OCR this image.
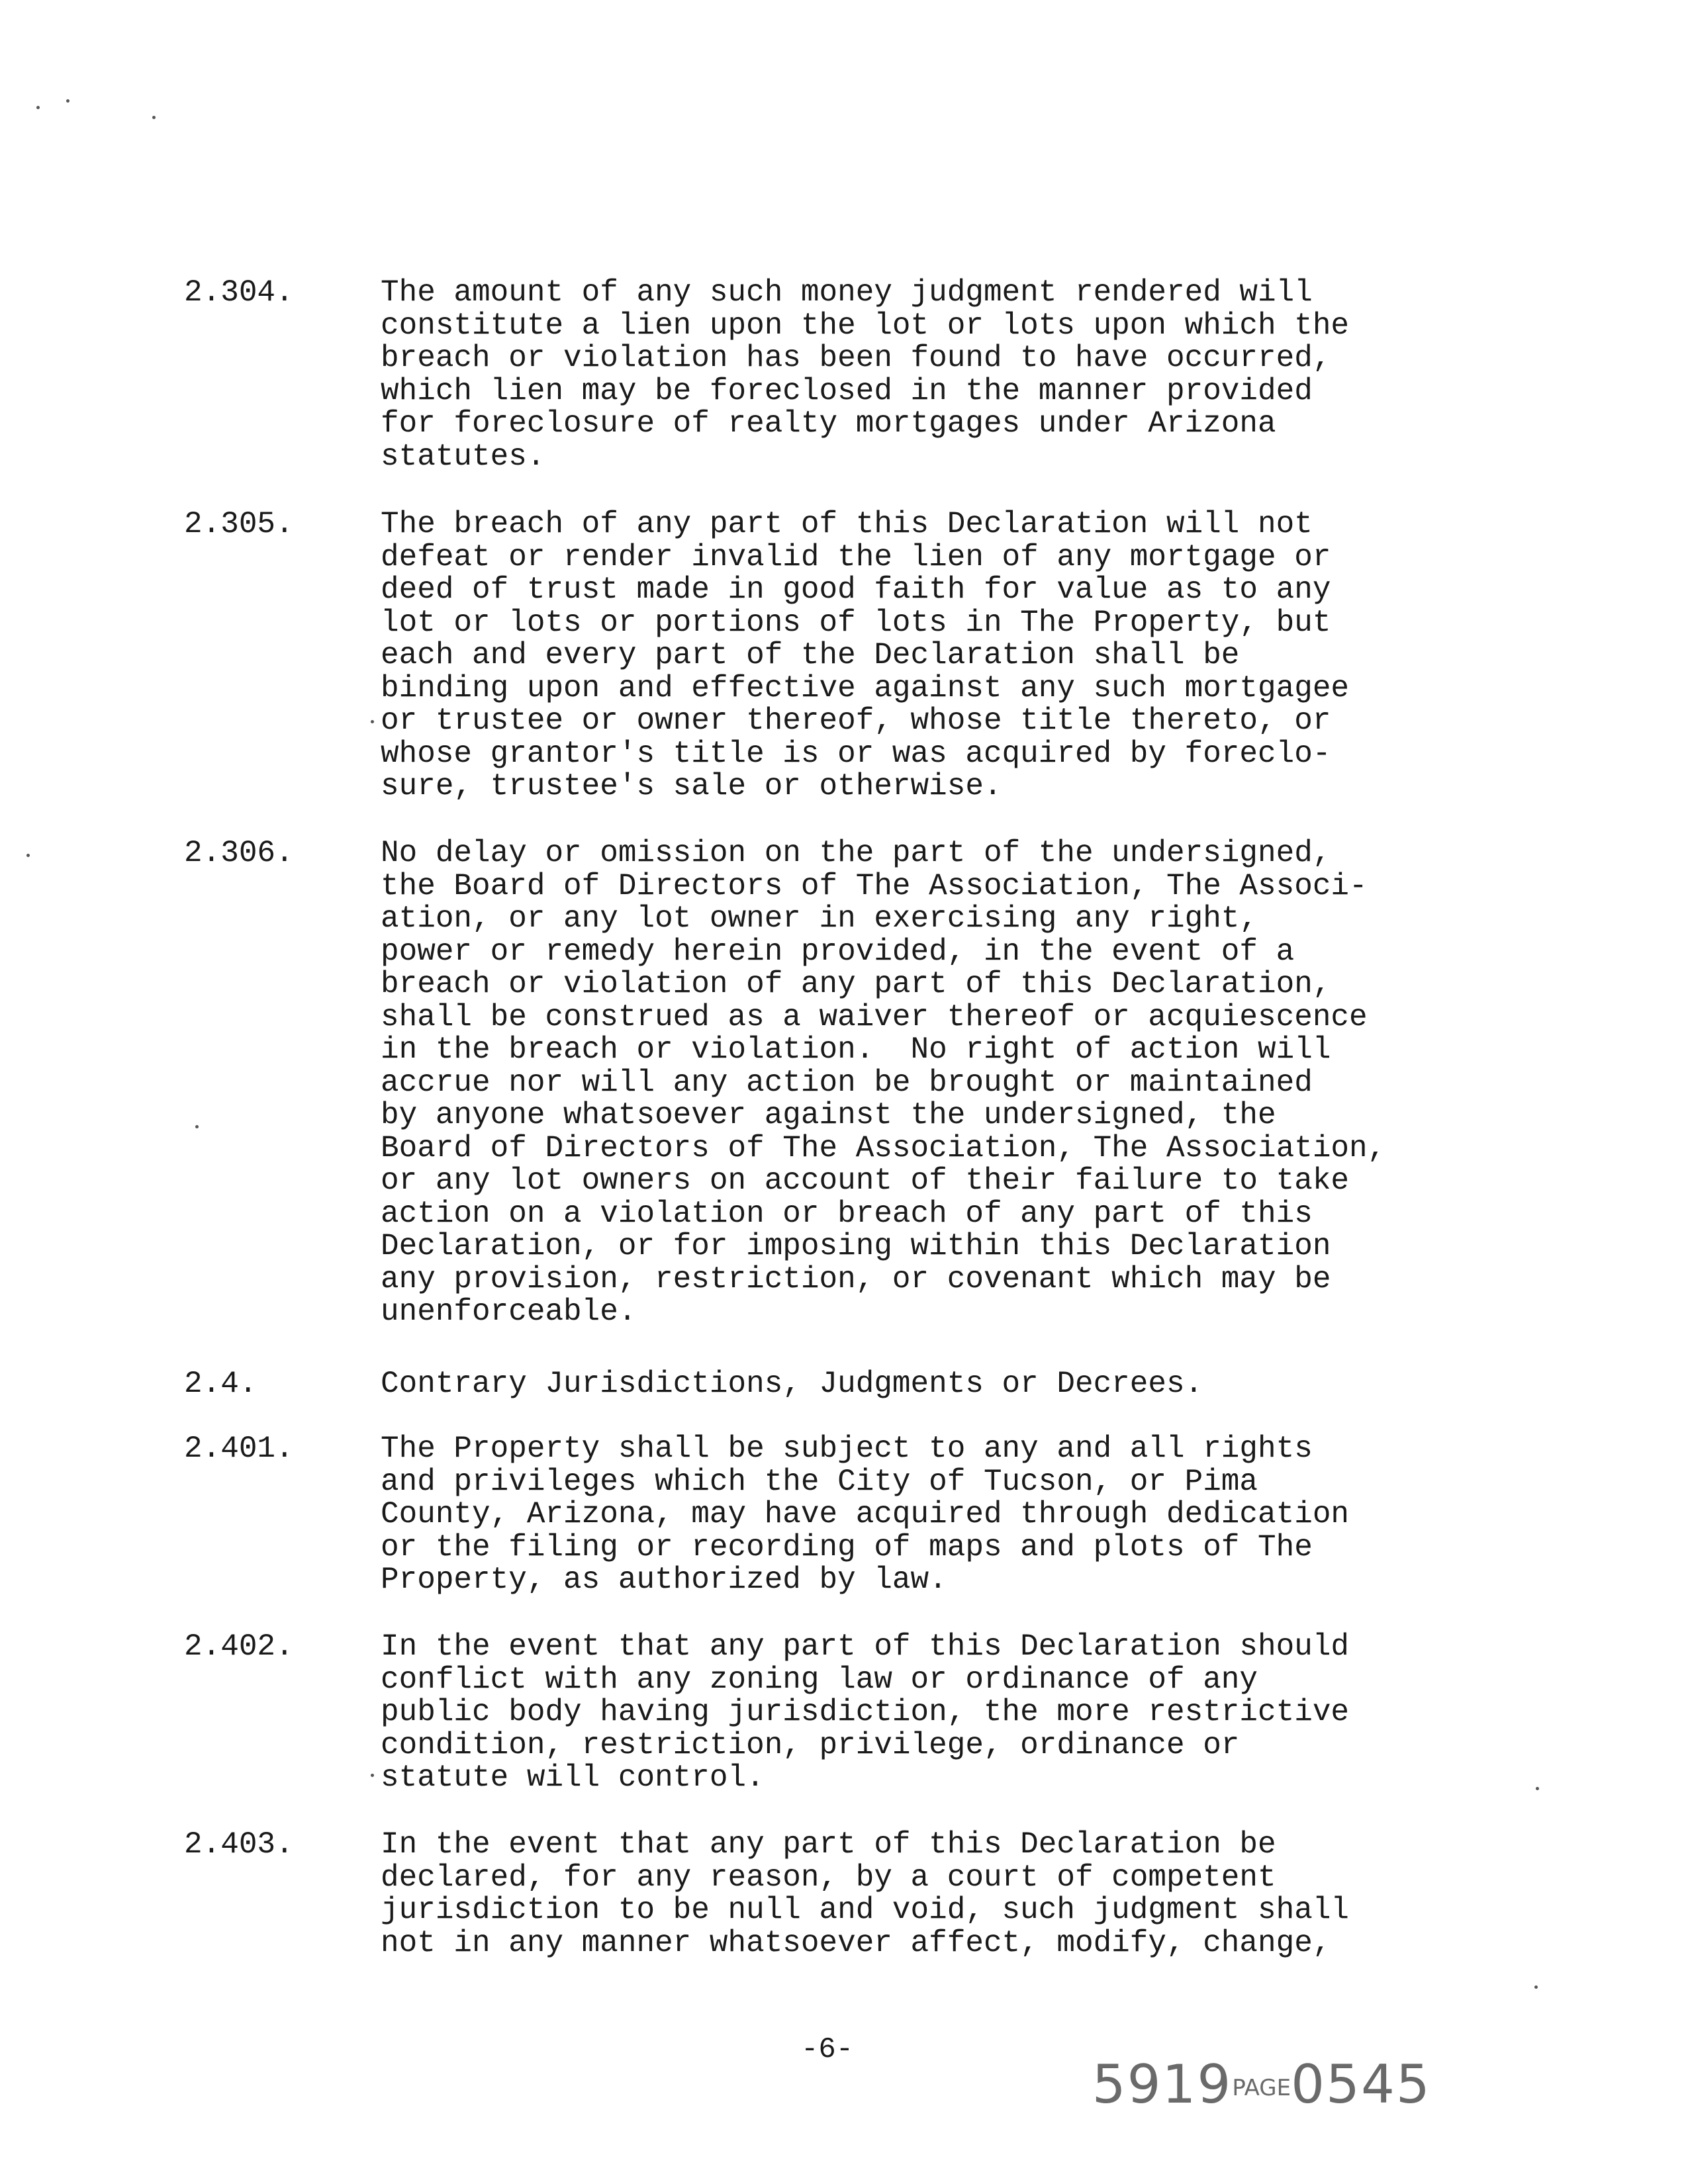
2.304.	The amount of any such money judgment rendered will
constitute a lien upon the lot or lots upon which the
breach or violation has been found to have occurred,
which lien may be foreclosed in the manner provided
for foreclosure of realty mortgages under Arizona
statutes.
2.305.	The breach of any part of this Declaration will not
defeat or render invalid the lien of any mortgage or
deed of trust made in good faith for value as to any
lot or lots or portions of lots in The Property, but
each and every part of the Declaration shall be
binding upon and effective against any such mortgagee
or trustee or owner thereof, whose title thereto, or
whose grantor's title is or was acquired by foreclo-
sure, trustee's sale or otherwise.
2.306.	No delay or omission on the part of the undersigned,
the Board of Directors of The Association, The Associ-
ation, or any lot owner in exercising any right,
power or remedy herein provided, in the event of a
breach or violation of any part of this Declaration,
shall be construed as a waiver thereof or acquiescence
in the breach or violation.  No right of action will
accrue nor will any action be brought or maintained
by anyone whatsoever against the undersigned, the
Board of Directors of The Association, The Association,
or any lot owners on account of their failure to take
action on a violation or breach of any part of this
Declaration, or for imposing within this Declaration
any provision, restriction, or covenant which may be
unenforceable.
2.4.	Contrary Jurisdictions, Judgments or Decrees.
2.401.	The Property shall be subject to any and all rights
and privileges which the City of Tucson, or Pima
County, Arizona, may have acquired through dedication
or the filing or recording of maps and plots of The
Property, as authorized by law.
2.402.	In the event that any part of this Declaration should
conflict with any zoning law or ordinance of any
public body having jurisdiction, the more restrictive
condition, restriction, privilege, ordinance or
statute will control.
2.403.	In the event that any part of this Declaration be
declared, for any reason, by a court of competent
jurisdiction to be null and void, such judgment shall
not in any manner whatsoever affect, modify, change,
-6-

5919PAGE0545
